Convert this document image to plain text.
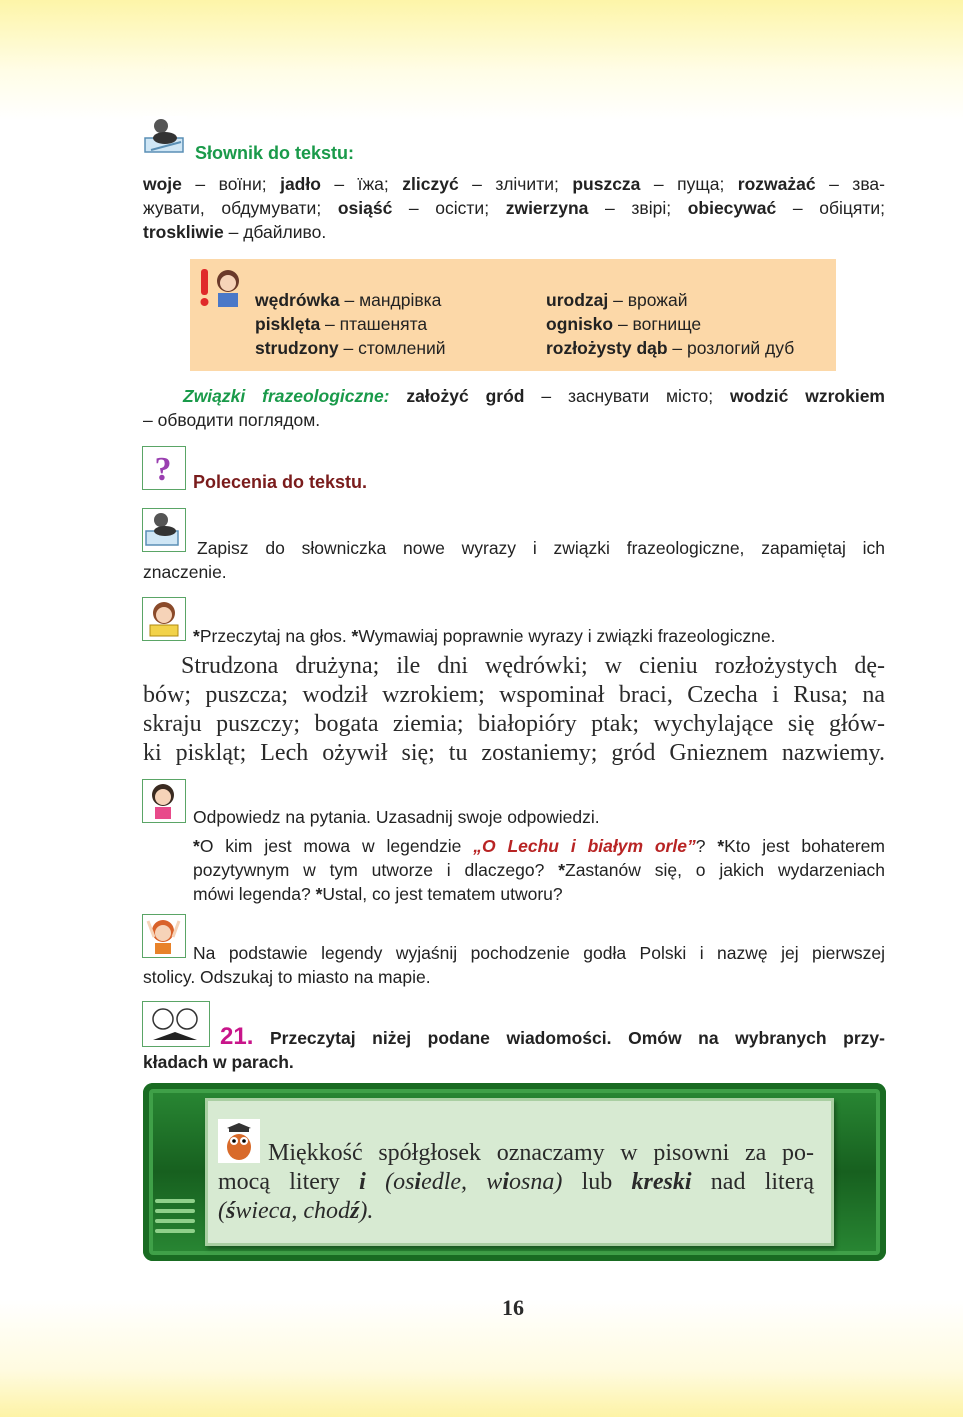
Słownik do tekstu:
woje – воїни; jadło – їжа; zliczyć – злічити; puszcza – пуща; rozważać – зва-
жувати, обдумувати; osiąść – осісти; zwierzyna – звірі; obiecywać – обіцяти;
troskliwie – дбайливо.
wędrówka – мандрівка
pisklęta – пташенята
strudzony – стомлений
urodzaj – врожай
ognisko – вогнище
rozłożysty dąb – розлогий дуб
Związki frazeologiczne: założyć gród – заснувати місто; wodzić wzrokiem
– обводити поглядом.
? Polecenia do tekstu.
Zapisz do słowniczka nowe wyrazy i związki frazeologiczne, zapamiętaj ich
znaczenie.
*Przeczytaj na głos. *Wymawiaj poprawnie wyrazy i związki frazeologiczne.
Strudzona drużyna; ile dni wędrówki; w cieniu rozłożystych dę-
bów; puszcza; wodził wzrokiem; wspominał braci, Czecha i Rusa; na
skraju puszczy; bogata ziemia; białopióry ptak; wychylające się głów-
ki piskląt; Lech ożywił się; tu zostaniemy; gród Gnieznem nazwiemy.
Odpowiedz na pytania. Uzasadnij swoje odpowiedzi.
*O kim jest mowa w legendzie „O Lechu i białym orle”? *Kto jest bohaterem
pozytywnym w tym utworze i dlaczego? *Zastanów się, o jakich wydarzeniach
mówi legenda? *Ustal, co jest tematem utworu?
Na podstawie legendy wyjaśnij pochodzenie godła Polski i nazwę jej pierwszej
stolicy. Odszukaj to miasto na mapie.
21. Przeczytaj niżej podane wiadomości. Omów na wybranych przy-
kładach w parach.
Miękkość spółgłosek oznaczamy w pisowni za po-
mocą litery i (osiedle, wiosna) lub kreski nad literą
(świeca, chodź).
16
